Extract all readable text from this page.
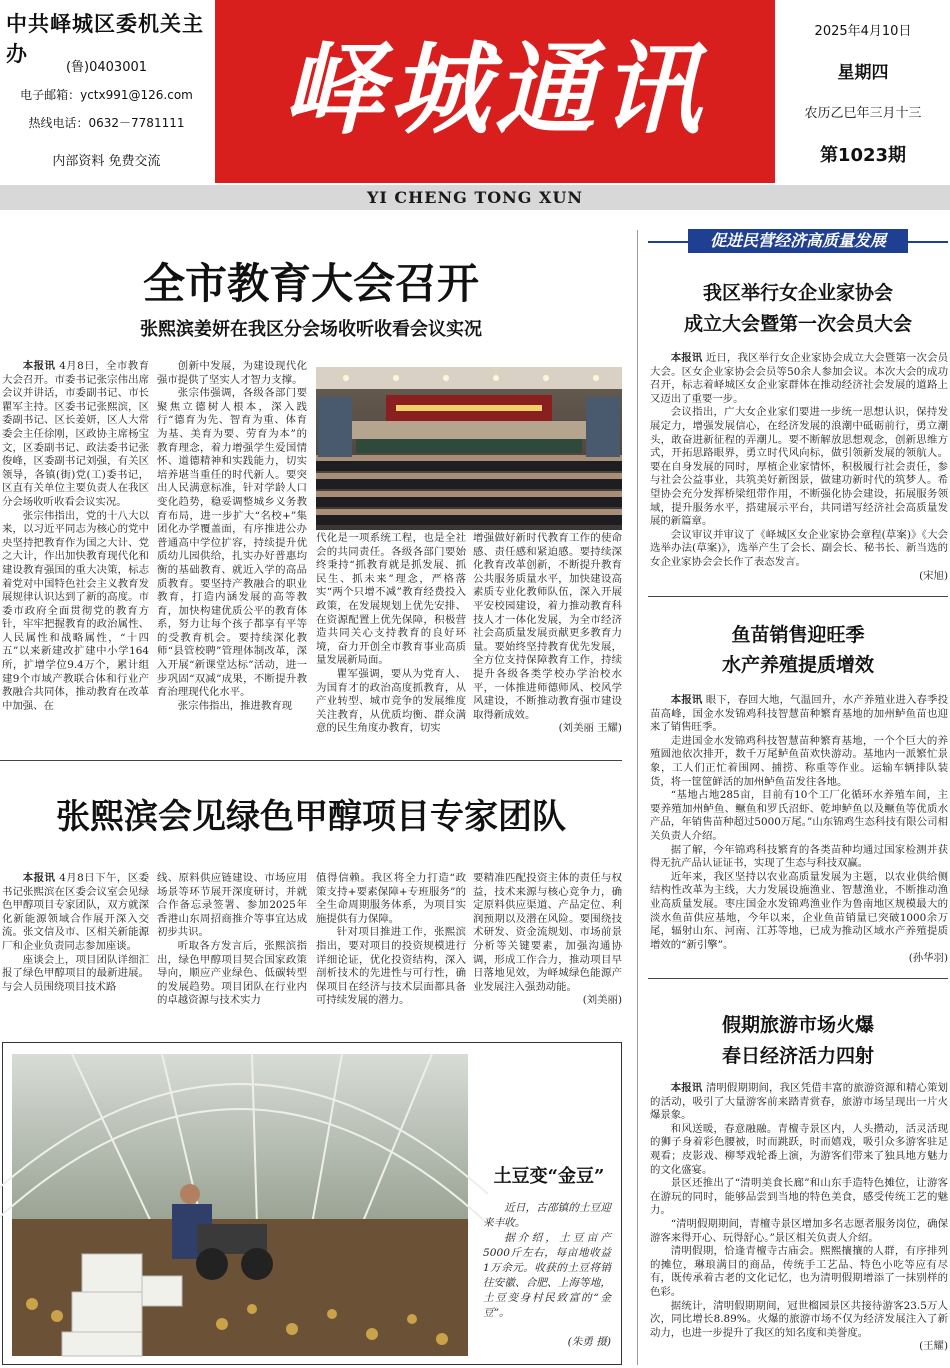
中共峄城区委机关主办
(鲁)0403001
电子邮箱：yctx991@126.com
热线电话：0632－7781111
内部资料 免费交流
峄城通讯	2025年4月10日
星期四
农历乙巳年三月十三
第1023期
YI CHENG TONG XUN
促进民营经济高质量发展
全市教育大会召开
张熙滨姜妍在我区分会场收听收看会议实况

本报讯 4月8日，全市教育大会召开。市委书记张宗伟出席会议并讲话，市委副书记、市长瞿军主持。区委书记张熙滨，区委副书记、区长姜妍，区人大常委会主任徐刚，区政协主席杨宝文，区委副书记、政法委书记张俊峰，区委副书记刘强，有关区领导，各镇(街)党(工)委书记，区直有关单位主要负责人在我区分会场收听收看会议实况。

张宗伟指出，党的十八大以来，以习近平同志为核心的党中央坚持把教育作为国之大计、党之大计，作出加快教育现代化和建设教育强国的重大决策，标志着党对中国特色社会主义教育发展规律认识达到了新的高度。市委市政府全面贯彻党的教育方针，牢牢把握教育的政治属性、人民属性和战略属性，“十四五”以来新建改扩建中小学164所，扩增学位9.4万个，累计组建9个市域产教联合体和行业产教融合共同体，推动教育在改革中加强、在

创新中发展，为建设现代化强市提供了坚实人才智力支撑。

张宗伟强调，各级各部门要聚焦立德树人根本，深入践行“德育为先、智育为重、体育为基、美育为要、劳育为本”的教育理念，着力增强学生爱国情怀、道德精神和实践能力，切实培养堪当重任的时代新人。要突出人民满意标准，针对学龄人口变化趋势，稳妥调整城乡义务教育布局，进一步扩大“名校+”集团化办学覆盖面，有序推进公办普通高中学位扩容，持续提升优质幼儿园供给，扎实办好普惠均衡的基础教育、就近入学的高品质教育。要坚持产教融合的职业教育，打造内涵发展的高等教育，加快构建优质公平的教育体系，努力让每个孩子都享有平等的受教育机会。要持续深化教师“县管校聘”管理体制改革，深入开展“新课堂达标”活动，进一步巩固“双减”成果，不断提升教育治理现代化水平。

张宗伟指出，推进教育现

代化是一项系统工程，也是全社会的共同责任。各级各部门要始终秉持“抓教育就是抓发展、抓民生、抓未来”理念，严格落实“两个只增不减”教育经费投入政策，在发展规划上优先安排、在资源配置上优先保障，积极营造共同关心支持教育的良好环境，奋力开创全市教育事业高质量发展新局面。

瞿军强调，要从为党育人、为国育才的政治高度抓教育，从产业转型、城市竞争的发展维度关注教育，从优质均衡、群众满意的民生角度办教育，切实

增强做好新时代教育工作的使命感、责任感和紧迫感。要持续深化教育改革创新，不断提升教育公共服务质量水平，加快建设高素质专业化教师队伍，深入开展平安校园建设，着力推动教育科技人才一体化发展，为全市经济社会高质量发展贡献更多教育力量。要始终坚持教育优先发展，全方位支持保障教育工作，持续提升各级各类学校办学治校水平，一体推进师德师风、校风学风建设，不断推动教育强市建设取得新成效。

(刘美丽 王耀)
张熙滨会见绿色甲醇项目专家团队

本报讯 4月8日下午，区委书记张熙滨在区委会议室会见绿色甲醇项目专家团队，双方就深化新能源领域合作展开深入交流。张文信及市、区相关新能源厂和企业负责同志参加座谈。

座谈会上，项目团队详细汇报了绿色甲醇项目的最新进展。与会人员围绕项目技术路

线、原料供应链建设、市场应用场景等环节展开深度研讨，并就合作备忘录签署、参加2025年香港山东周招商推介等事宜达成初步共识。

听取各方发言后，张熙滨指出，绿色甲醇项目契合国家政策导向，顺应产业绿色、低碳转型的发展趋势。项目团队在行业内的卓越资源与技术实力

值得信赖。我区将全力打造“政策支持+要素保障+专班服务”的全生命周期服务体系，为项目实施提供有力保障。

针对项目推进工作，张熙滨指出，要对项目的投资规模进行详细论证，优化投资结构，深入剖析技术的先进性与可行性，确保项目在经济与技术层面都具备可持续发展的潜力。

要精准匹配投资主体的责任与权益，技术来源与核心竞争力，确定原料供应渠道、产品定位、利润预期以及潜在风险。要围绕技术研发、资金流规划、市场前景分析等关键要素，加强沟通协调，形成工作合力，推动项目早日落地见效，为峄城绿色能源产业发展注入强劲动能。

(刘美丽)
土豆变“金豆”

近日，古邵镇的土豆迎来丰收。

据介绍，土豆亩产5000斤左右，每亩地收益1万余元。收获的土豆将销往安徽、合肥、上海等地，土豆变身村民致富的“金豆”。

(朱勇 摄)
我区举行女企业家协会
成立大会暨第一次会员大会

本报讯 近日，我区举行女企业家协会成立大会暨第一次会员大会。区女企业家协会会员等50余人参加会议。本次大会的成功召开，标志着峄城区女企业家群体在推动经济社会发展的道路上又迈出了重要一步。

会议指出，广大女企业家们要进一步统一思想认识，保持发展定力，增强发展信心，在经济发展的浪潮中砥砺前行，勇立潮头，敢奋进新征程的弄潮儿。要不断解放思想观念，创新思维方式，开拓思路眼界，勇立时代风向标，做引领新发展的领航人。要在自身发展的同时，厚植企业家情怀，积极履行社会责任，参与社会公益事业，共筑美好新图景，做建功新时代的筑梦人。希望协会充分发挥桥梁纽带作用，不断强化协会建设，拓展服务领域，提升服务水平，搭建展示平台，共同谱写经济社会高质量发展的新篇章。

会议审议并审议了《峄城区女企业家协会章程(草案)》《大会选举办法(草案)》，选举产生了会长、副会长、秘书长、新当选的女企业家协会会长作了表态发言。

(宋旭)
鱼苗销售迎旺季
水产养殖提质增效

本报讯 眼下，春回大地，气温回升，水产养殖业进入春季投苗高峰，国金水发锦鸡科技智慧苗种繁育基地的加州鲈鱼苗也迎来了销售旺季。

走进国金水发锦鸡科技智慧苗种繁育基地，一个个巨大的养殖圆池依次排开，数千万尾鲈鱼苗欢快游动。基地内一派繁忙景象，工人们正忙着围网、捕捞、称重等作业。运输车辆排队装货，将一筐筐鲜活的加州鲈鱼苗发往各地。

“基地占地285亩，目前有10个工厂化循环水养殖车间，主要养殖加州鲈鱼、鳜鱼和罗氏沼虾、乾坤鲈鱼以及鳜鱼等优质水产品，年销售苗种超过5000万尾。”山东锦鸡生态科技有限公司相关负责人介绍。

据了解，今年锦鸡科技繁育的各类苗种均通过国家检测并获得无抗产品认证证书，实现了生态与科技双赢。

近年来，我区坚持以农业高质量发展为主题，以农业供给侧结构性改革为主线，大力发展设施渔业、智慧渔业，不断推动渔业高质量发展。枣庄国金水发锦鸡渔业作为鲁南地区规模最大的淡水鱼苗供应基地，今年以来，企业鱼苗销量已突破1000余万尾，辐射山东、河南、江苏等地，已成为推动区域水产养殖提质增效的“新引擎”。

(孙华羽)
假期旅游市场火爆
春日经济活力四射

本报讯 清明假期期间，我区凭借丰富的旅游资源和精心策划的活动，吸引了大量游客前来踏青赏春，旅游市场呈现出一片火爆景象。

和风送暖，春意融融。青檀寺景区内，人头攒动，活灵活现的狮子身着彩色腰被，时而跳跃，时而嬉戏，吸引众多游客驻足观看；皮影戏、柳琴戏轮番上演，为游客们带来了独具地方魅力的文化盛宴。

景区还推出了“清明美食长廊”和山东手造特色摊位，让游客在游玩的同时，能够品尝到当地的特色美食，感受传统工艺的魅力。

“清明假期期间，青檀寺景区增加多名志愿者服务岗位，确保游客来得开心、玩得舒心。”景区相关负责人介绍。

清明假期，恰逢青檀寺古庙会。熙熙攘攘的人群，有序排列的摊位，琳琅满目的商品，传统手工艺品、特色小吃等应有尽有，既传承着古老的文化记忆，也为清明假期增添了一抹别样的色彩。

据统计，清明假期期间，冠世榴园景区共接待游客23.5万人次，同比增长8.89%。火爆的旅游市场不仅为经济发展注入了新动力，也进一步提升了我区的知名度和美誉度。

(王耀)
